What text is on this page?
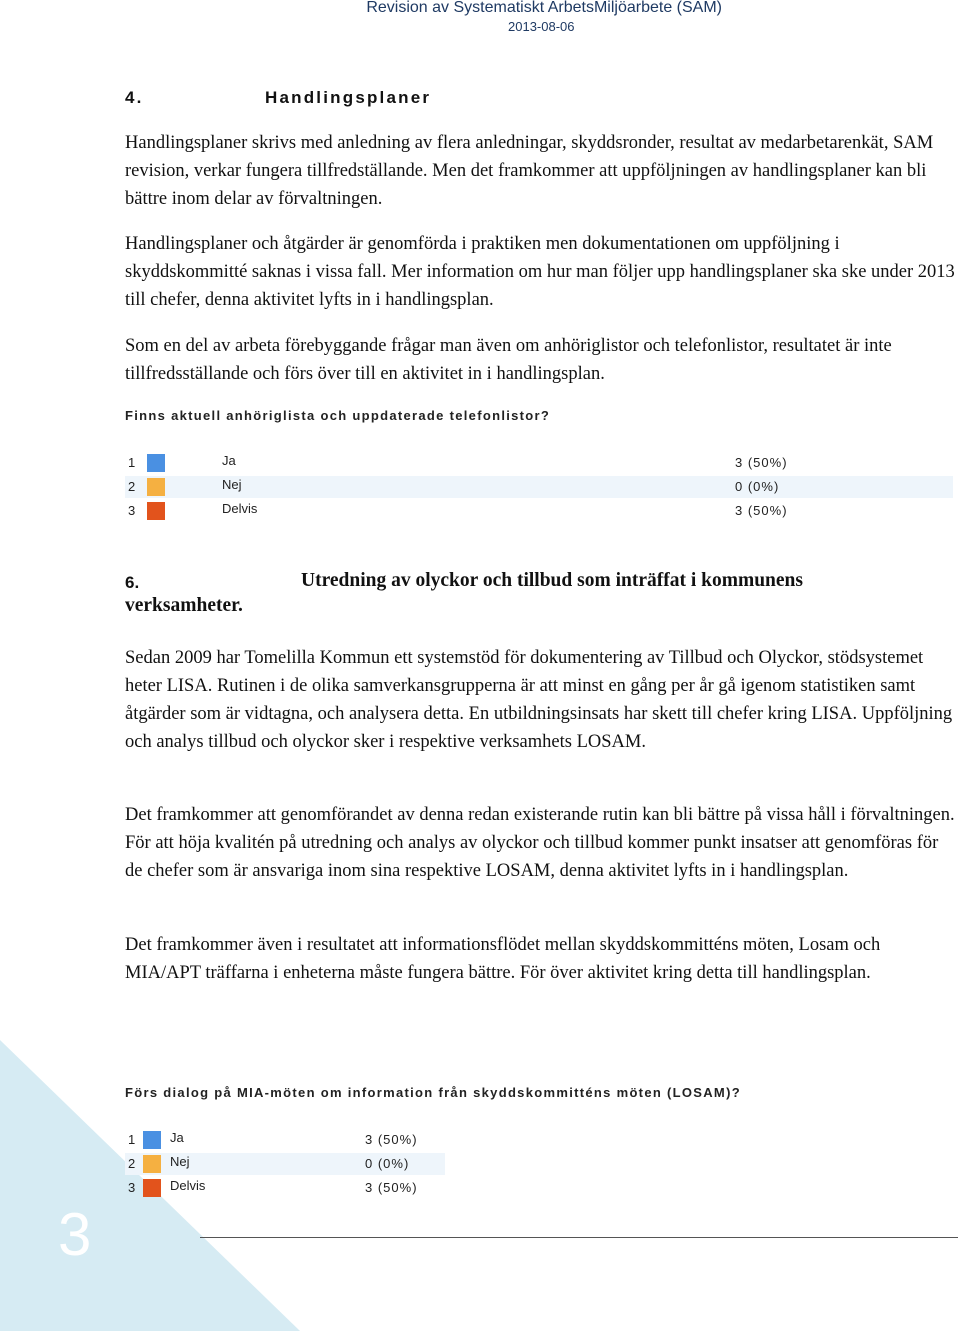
Revision av Systematiskt ArbetsMiljöarbete (SAM)
2013-08-06
4.	Handlingsplaner

Handlingsplaner skrivs med anledning av flera anledningar, skyddsronder, resultat av medarbetarenkät, SAM revision, verkar fungera tillfredställande. Men det framkommer att uppföljningen av handlingsplaner kan bli bättre inom delar av förvaltningen.

Handlingsplaner och åtgärder är genomförda i praktiken men dokumentationen om uppföljning i skyddskommitté saknas i vissa fall. Mer information om hur man följer upp handlingsplaner ska ske under 2013 till chefer, denna aktivitet lyfts in i handlingsplan.

Som en del av arbeta förebyggande frågar man även om anhöriglistor och telefonlistor, resultatet är inte tillfredsställande och förs över till en aktivitet in i handlingsplan.

Finns aktuell anhöriglista och uppdaterade telefonlistor?
1	Ja	3 (50%)
2	Nej	0 (0%)
3	Delvis	3 (50%)
6.	Utredning av olyckor och tillbud som inträffat i kommunens
verksamheter.

Sedan 2009 har Tomelilla Kommun ett systemstöd för dokumentering av Tillbud och Olyckor, stödsystemet heter LISA. Rutinen i de olika samverkansgrupperna är att minst en gång per år gå igenom statistiken samt åtgärder som är vidtagna, och analysera detta. En utbildningsinsats har skett till chefer kring LISA. Uppföljning och analys tillbud och olyckor sker i respektive verksamhets LOSAM.

Det framkommer att genomförandet av denna redan existerande rutin kan bli bättre på vissa håll i förvaltningen. För att höja kvalitén på utredning och analys av olyckor och tillbud kommer punkt insatser att genomföras för de chefer som är ansvariga inom sina respektive LOSAM, denna aktivitet lyfts in i handlingsplan.

Det framkommer även i resultatet att informationsflödet mellan skyddskommitténs möten, Losam och MIA/APT träffarna i enheterna måste fungera bättre. För över aktivitet kring detta till handlingsplan.

Förs dialog på MIA-möten om information från skyddskommitténs möten (LOSAM)?
1	Ja	3 (50%)
2	Nej	0 (0%)
3	Delvis	3 (50%)
3
